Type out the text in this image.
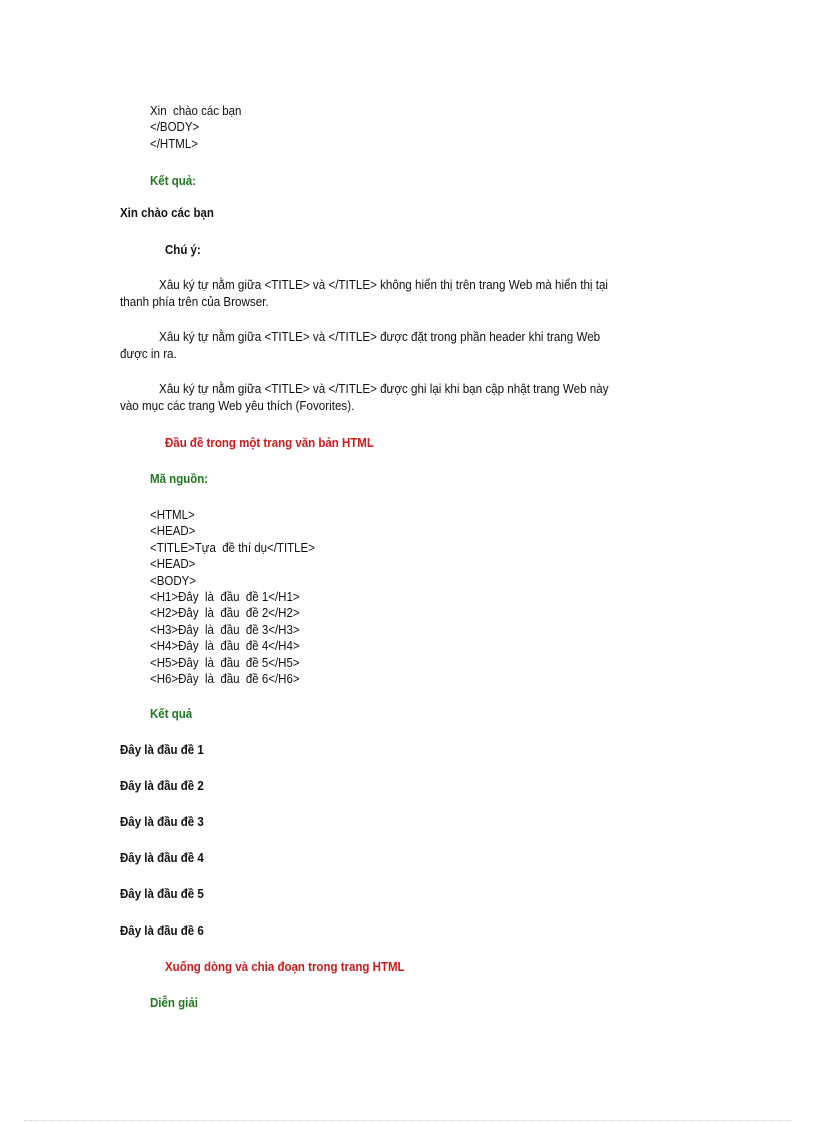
Xin  chào các bạn
</BODY>
</HTML>
Kết quả:
Xin chào các bạn
Chú ý:
Xâu ký tự nằm giữa <TITLE> và </TITLE> không hiển thị trên trang Web mà hiển thị tại
thanh phía trên của Browser.
Xâu ký tự nằm giữa <TITLE> và </TITLE> được đặt trong phần header khi trang Web
được in ra.
Xâu ký tự nằm giữa <TITLE> và </TITLE> được ghi lại khi bạn cập nhật trang Web này
vào mục các trang Web yêu thích (Fovorites).
Đầu đề trong một trang văn bản HTML
Mã nguồn:
<HTML>
<HEAD>
<TITLE>Tựa  đề thí dụ</TITLE>
<HEAD>
<BODY>
<H1>Đây  là  đầu  đề 1</H1>
<H2>Đây  là  đầu  đề 2</H2>
<H3>Đây  là  đầu  đề 3</H3>
<H4>Đây  là  đầu  đề 4</H4>
<H5>Đây  là  đầu  đề 5</H5>
<H6>Đây  là  đầu  đề 6</H6>
Kết quả
Đây là đầu đề 1
Đây là đầu đề 2
Đây là đầu đề 3
Đây là đầu đề 4
Đây là đầu đề 5
Đây là đầu đề 6
Xuống dòng và chia đoạn trong trang HTML
Diễn giải
